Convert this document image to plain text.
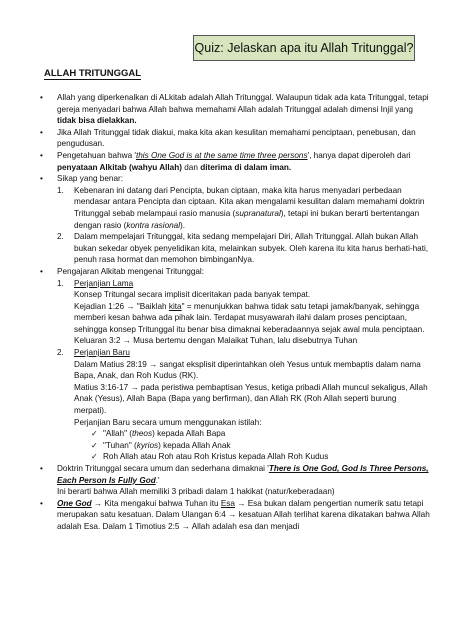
Quiz: Jelaskan apa itu Allah Tritunggal?
ALLAH TRITUNGGAL
• Allah yang diperkenalkan di ALkitab adalah Allah Tritunggal. Walaupun tidak ada kata Tritunggal, tetapi gereja menyadari bahwa Allah bahwa memahami Allah adalah Tritunggal adalah dimensi Injil yang tidak bisa dielakkan.
• Jika Allah Tritunggal tidak diakui, maka kita akan kesulitan memahami penciptaan, penebusan, dan pengudusan.
• Pengetahuan bahwa 'this One God is at the same time three persons', hanya dapat diperoleh dari penyataan Alkitab (wahyu Allah) dan diterima di dalam iman.
• Sikap yang benar:
1. Kebenaran ini datang dari Pencipta, bukan ciptaan, maka kita harus menyadari perbedaan mendasar antara Pencipta dan ciptaan. Kita akan mengalami kesulitan dalam memahami doktrin Tritunggal sebab melampaui rasio manusia (supranatural), tetapi ini bukan berarti bertentangan dengan rasio (kontra rasional).
2. Dalam mempelajari Tritunggal, kita sedang mempelajari Diri, Allah Tritunggal. Allah bukan Allah bukan sekedar obyek penyelidikan kita, melainkan subyek. Oleh karena itu kita harus berhati-hati, penuh rasa hormat dan memohon bimbinganNya.
• Pengajaran Alkitab mengenai Tritunggal:
1. Perjanjian Lama
Konsep Tritungal secara implisit diceritakan pada banyak tempat.
Kejadian 1:26 → "Baiklah kita" = menunjukkan bahwa tidak satu tetapi jamak/banyak, sehingga memberi kesan bahwa ada pihak lain. Terdapat musyawarah ilahi dalam proses penciptaan, sehingga konsep Tritunggal itu benar bisa dimaknai keberadaannya sejak awal mula penciptaan.
Keluaran 3:2 → Musa bertemu dengan Malaikat Tuhan, lalu disebutnya Tuhan
2. Perjanjian Baru
Dalam Matius 28:19 → sangat eksplisit diperintahkan oleh Yesus untuk membaptis dalam nama Bapa, Anak, dan Roh Kudus (RK).
Matius 3:16-17 → pada peristiwa pembaptisan Yesus, ketiga pribadi Allah muncul sekaligus, Allah Anak (Yesus), Allah Bapa (Bapa yang berfirman), dan Allah RK (Roh Allah seperti burung merpati).
Perjanjian Baru secara umum menggunakan istilah:
✓ "Allah" (theos) kepada Allah Bapa
✓ "Tuhan" (kyrios) kepada Allah Anak
✓ Roh Allah atau Roh atau Roh Kristus kepada Allah Roh Kudus
• Doktrin Tritunggal secara umum dan sederhana dimaknai 'There is One God, God Is Three Persons, Each Person Is Fully God.'
Ini berarti bahwa Allah memiliki 3 pribadi dalam 1 hakikat (natur/keberadaan)
• One God → Kita mengakui bahwa Tuhan itu Esa → Esa bukan dalam pengertian numerik satu tetapi merupakan satu kesatuan. Dalam Ulangan 6:4 → kesatuan Allah terlihat karena dikatakan bahwa Allah adalah Esa. Dalam 1 Timotius 2:5 → Allah adalah esa dan menjadi
